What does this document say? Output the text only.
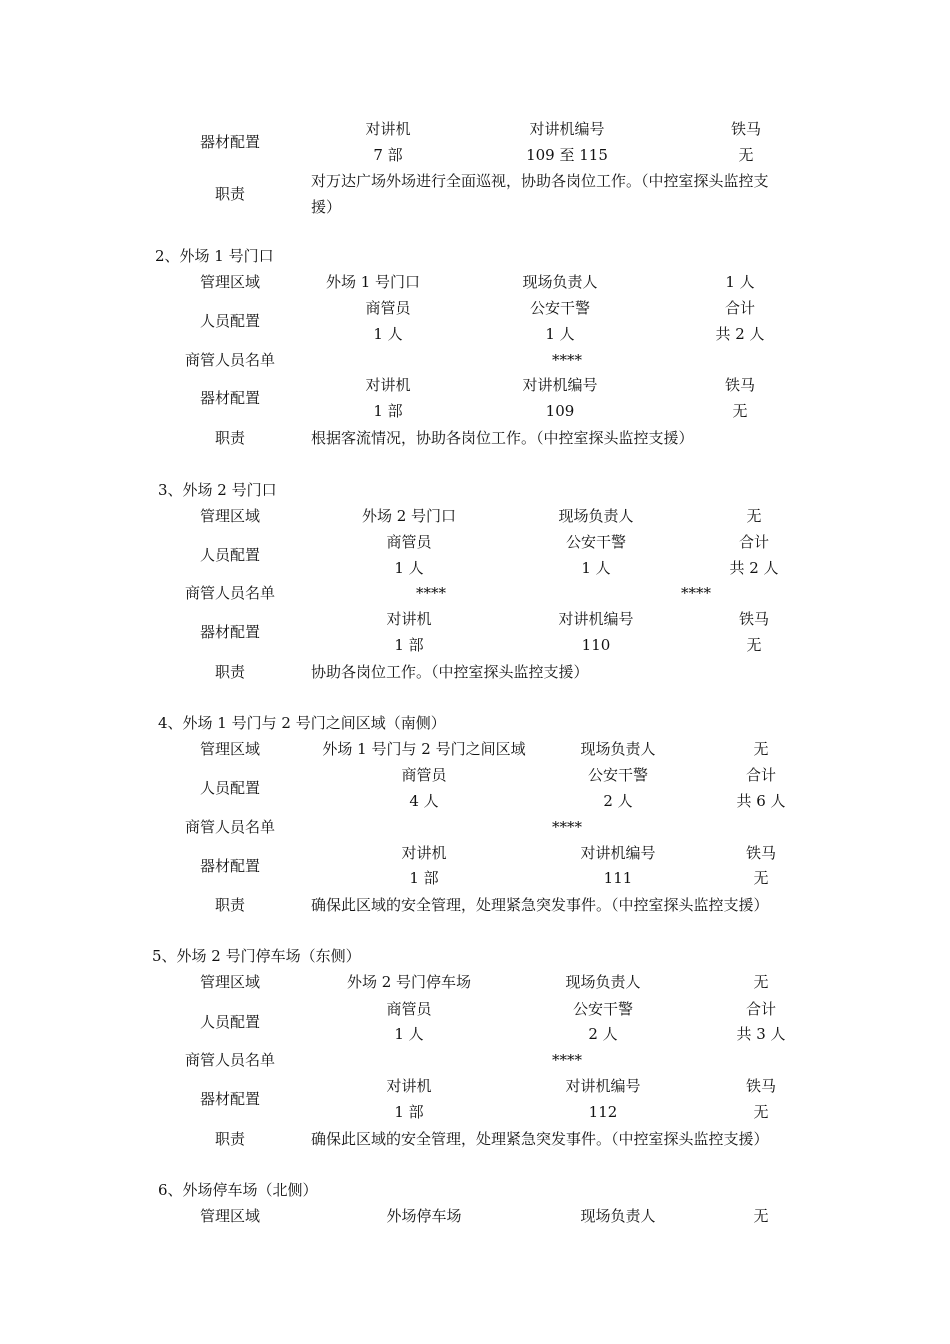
器材配置
对讲机	对讲机编号	铁马
7 部	109 至 115	无
职责
对万达广场外场进行全面巡视，协助各岗位工作。（中控室探头监控支
援）
2、外场 1 号门口
管理区域	外场 1 号门口	现场负责人	1 人
人员配置
商管员	公安干警	合计
1 人	1 人	共 2 人
商管人员名单	****
器材配置
对讲机	对讲机编号	铁马
1 部	109	无
职责	根据客流情况，协助各岗位工作。（中控室探头监控支援）
3、外场 2 号门口
管理区域	外场 2 号门口	现场负责人	无
人员配置
商管员	公安干警	合计
1 人	1 人	共 2 人
商管人员名单	****	****
器材配置
对讲机	对讲机编号	铁马
1 部	110	无
职责	协助各岗位工作。（中控室探头监控支援）
4、外场 1 号门与 2 号门之间区域（南侧）
管理区域	外场 1 号门与 2 号门之间区域	现场负责人	无
人员配置
商管员	公安干警	合计
4 人	2 人	共 6 人
商管人员名单	****
器材配置
对讲机	对讲机编号	铁马
1 部	111	无
职责	确保此区域的安全管理，处理紧急突发事件。（中控室探头监控支援）
5、外场 2 号门停车场（东侧）
管理区域	外场 2 号门停车场	现场负责人	无
人员配置
商管员	公安干警	合计
1 人	2 人	共 3 人
商管人员名单	****
器材配置
对讲机	对讲机编号	铁马
1 部	112	无
职责	确保此区域的安全管理，处理紧急突发事件。（中控室探头监控支援）
6、外场停车场（北侧）
管理区域	外场停车场	现场负责人	无
